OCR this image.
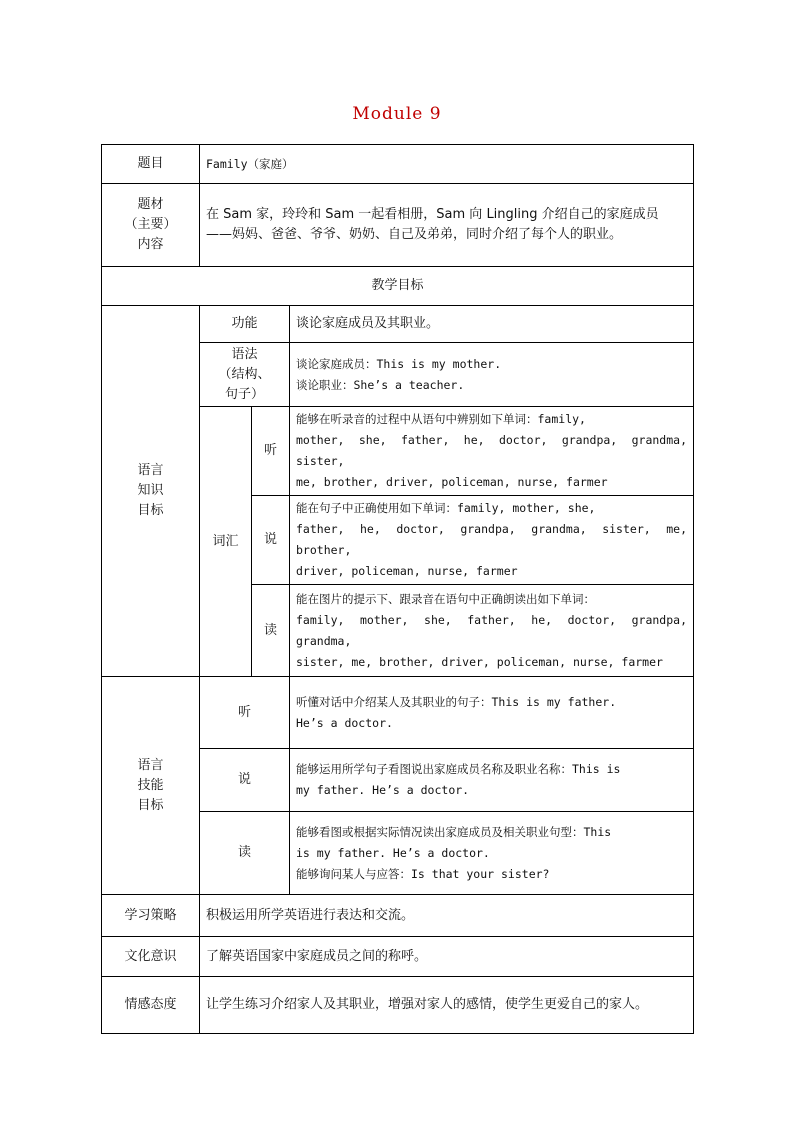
Module 9
题目	Family（家庭）		

题材
（主要）
内容	在 Sam 家，玲玲和 Sam 一起看相册，Sam 向 Lingling 介绍自己的家庭成员
——妈妈、爸爸、爷爷、奶奶、自己及弟弟，同时介绍了每个人的职业。		

教学目标			

语言
知识
目标	功能		谈论家庭成员及其职业。

	语法
（结构、
句子）		谈论家庭成员：This is my mother.
谈论职业：She’s a teacher.

	词汇	听	能够在听录音的过程中从语句中辨别如下单词：family,
mother, she, father, he, doctor, grandpa, grandma, sister,
me, brother, driver, policeman, nurse, farmer

		说	能在句子中正确使用如下单词：family, mother, she,
father, he, doctor, grandpa, grandma, sister, me, brother,
driver, policeman, nurse, farmer

		读	能在图片的提示下、跟录音在语句中正确朗读出如下单词：
family, mother, she, father, he, doctor, grandpa, grandma,
sister, me, brother, driver, policeman, nurse, farmer

语言
技能
目标	听		听懂对话中介绍某人及其职业的句子：This is my father.
He’s a doctor.

	说		能够运用所学句子看图说出家庭成员名称及职业名称：This is
my father. He’s a doctor.

	读		能够看图或根据实际情况读出家庭成员及相关职业句型：This
is my father. He’s a doctor.
能够询问某人与应答：Is that your sister?

学习策略	积极运用所学英语进行表达和交流。		
文化意识	了解英语国家中家庭成员之间的称呼。		
情感态度	让学生练习介绍家人及其职业，增强对家人的感情，使学生更爱自己的家人。		
